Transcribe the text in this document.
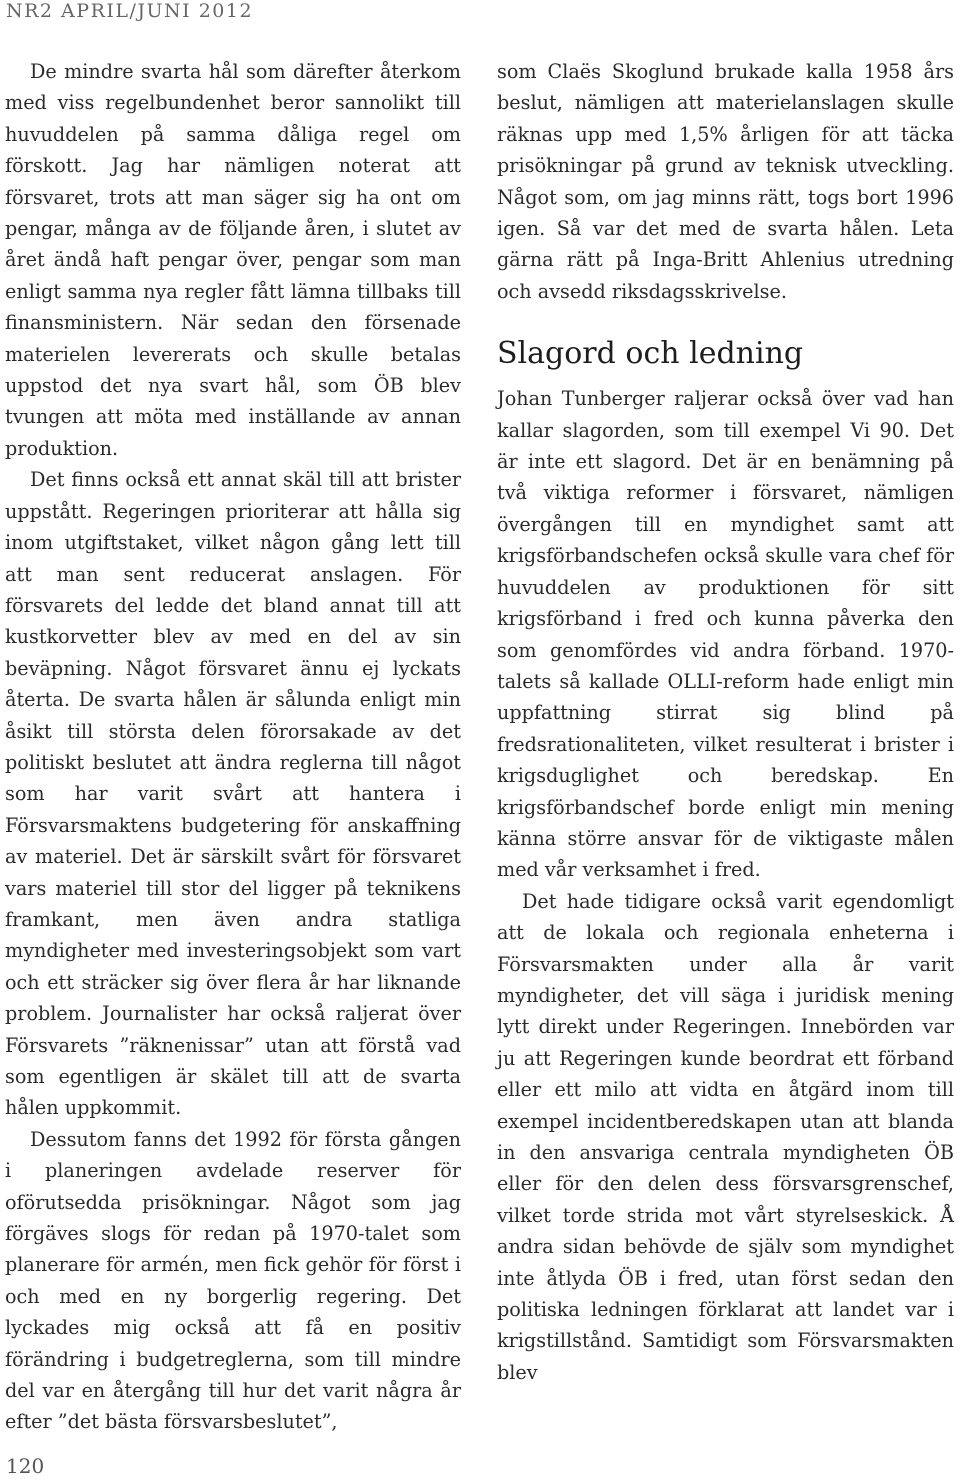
NR2 APRIL/JUNI 2012

De mindre svarta hål som därefter återkom med viss regelbundenhet beror sannolikt till huvuddelen på samma dåliga regel om förskott. Jag har nämligen noterat att försvaret, trots att man säger sig ha ont om pengar, många av de följande åren, i slutet av året ändå haft pengar över, pengar som man enligt samma nya regler fått lämna tillbaks till finansministern. När sedan den försenade materielen levererats och skulle betalas uppstod det nya svart hål, som ÖB blev tvungen att möta med inställande av annan produktion.

Det finns också ett annat skäl till att brister uppstått. Regeringen prioriterar att hålla sig inom utgiftstaket, vilket någon gång lett till att man sent reducerat anslagen. För försvarets del ledde det bland annat till att kustkorvetter blev av med en del av sin beväpning. Något försvaret ännu ej lyckats återta. De svarta hålen är sålunda enligt min åsikt till största delen förorsakade av det politiskt beslutet att ändra reglerna till något som har varit svårt att hantera i Försvarsmaktens budgetering för anskaffning av materiel. Det är särskilt svårt för försvaret vars materiel till stor del ligger på teknikens framkant, men även andra statliga myndigheter med investeringsobjekt som vart och ett sträcker sig över flera år har liknande problem. Journalister har också raljerat över Försvarets ”räknenissar” utan att förstå vad som egentligen är skälet till att de svarta hålen uppkommit.

Dessutom fanns det 1992 för första gången i planeringen avdelade reserver för oförutsedda prisökningar. Något som jag förgäves slogs för redan på 1970-talet som planerare för armén, men fick gehör för först i och med en ny borgerlig regering. Det lyckades mig också att få en positiv förändring i budgetreglerna, som till mindre del var en återgång till hur det varit några år efter ”det bästa försvarsbeslutet”,

som Claës Skoglund brukade kalla 1958 års beslut, nämligen att materielanslagen skulle räknas upp med 1,5% årligen för att täcka prisökningar på grund av teknisk utveckling. Något som, om jag minns rätt, togs bort 1996 igen. Så var det med de svarta hålen. Leta gärna rätt på Inga-Britt Ahlenius utredning och avsedd riksdagsskrivelse.

Slagord och ledning

Johan Tunberger raljerar också över vad han kallar slagorden, som till exempel Vi 90. Det är inte ett slagord. Det är en benämning på två viktiga reformer i försvaret, nämligen övergången till en myndighet samt att krigsförbandschefen också skulle vara chef för huvuddelen av produktionen för sitt krigsförband i fred och kunna påverka den som genomfördes vid andra förband. 1970-talets så kallade OLLI-reform hade enligt min uppfattning stirrat sig blind på fredsrationaliteten, vilket resulterat i brister i krigsduglighet och beredskap. En krigsförbandschef borde enligt min mening känna större ansvar för de viktigaste målen med vår verksamhet i fred.

Det hade tidigare också varit egendomligt att de lokala och regionala enheterna i Försvarsmakten under alla år varit myndigheter, det vill säga i juridisk mening lytt direkt under Regeringen. Innebörden var ju att Regeringen kunde beordrat ett förband eller ett milo att vidta en åtgärd inom till exempel incidentberedskapen utan att blanda in den ansvariga centrala myndigheten ÖB eller för den delen dess försvarsgrenschef, vilket torde strida mot vårt styrelseskick. Å andra sidan behövde de själv som myndighet inte åtlyda ÖB i fred, utan först sedan den politiska ledningen förklarat att landet var i krigstillstånd. Samtidigt som Försvarsmakten blev

120
